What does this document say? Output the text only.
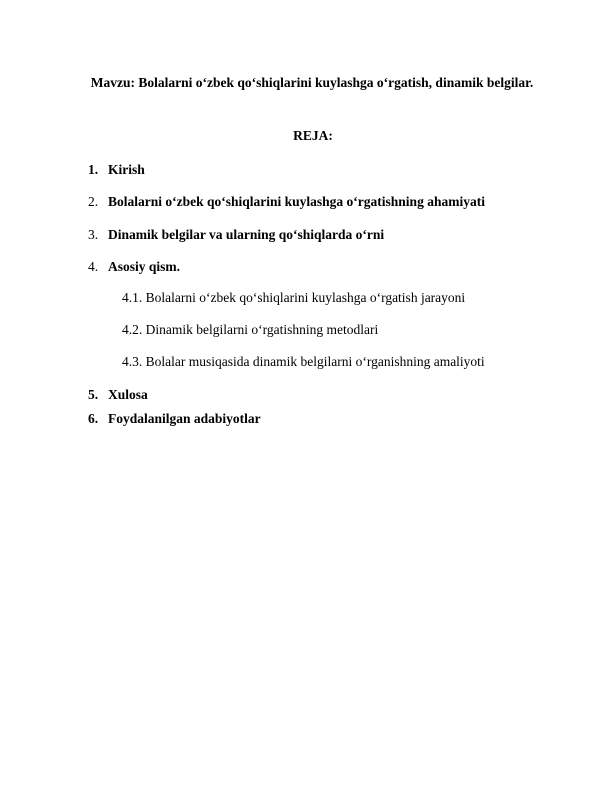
Mavzu: Bolalarni o‘zbek qo‘shiqlarini kuylashga o‘rgatish, dinamik belgilar.
REJA:
1. Kirish
2. Bolalarni o‘zbek qo‘shiqlarini kuylashga o‘rgatishning ahamiyati
3. Dinamik belgilar va ularning qo‘shiqlarda o‘rni
4. Asosiy qism.
4.1. Bolalarni o‘zbek qo‘shiqlarini kuylashga o‘rgatish jarayoni
4.2. Dinamik belgilarni o‘rgatishning metodlari
4.3. Bolalar musiqasida dinamik belgilarni o‘rganishning amaliyoti
5. Xulosa
6. Foydalanilgan adabiyotlar
